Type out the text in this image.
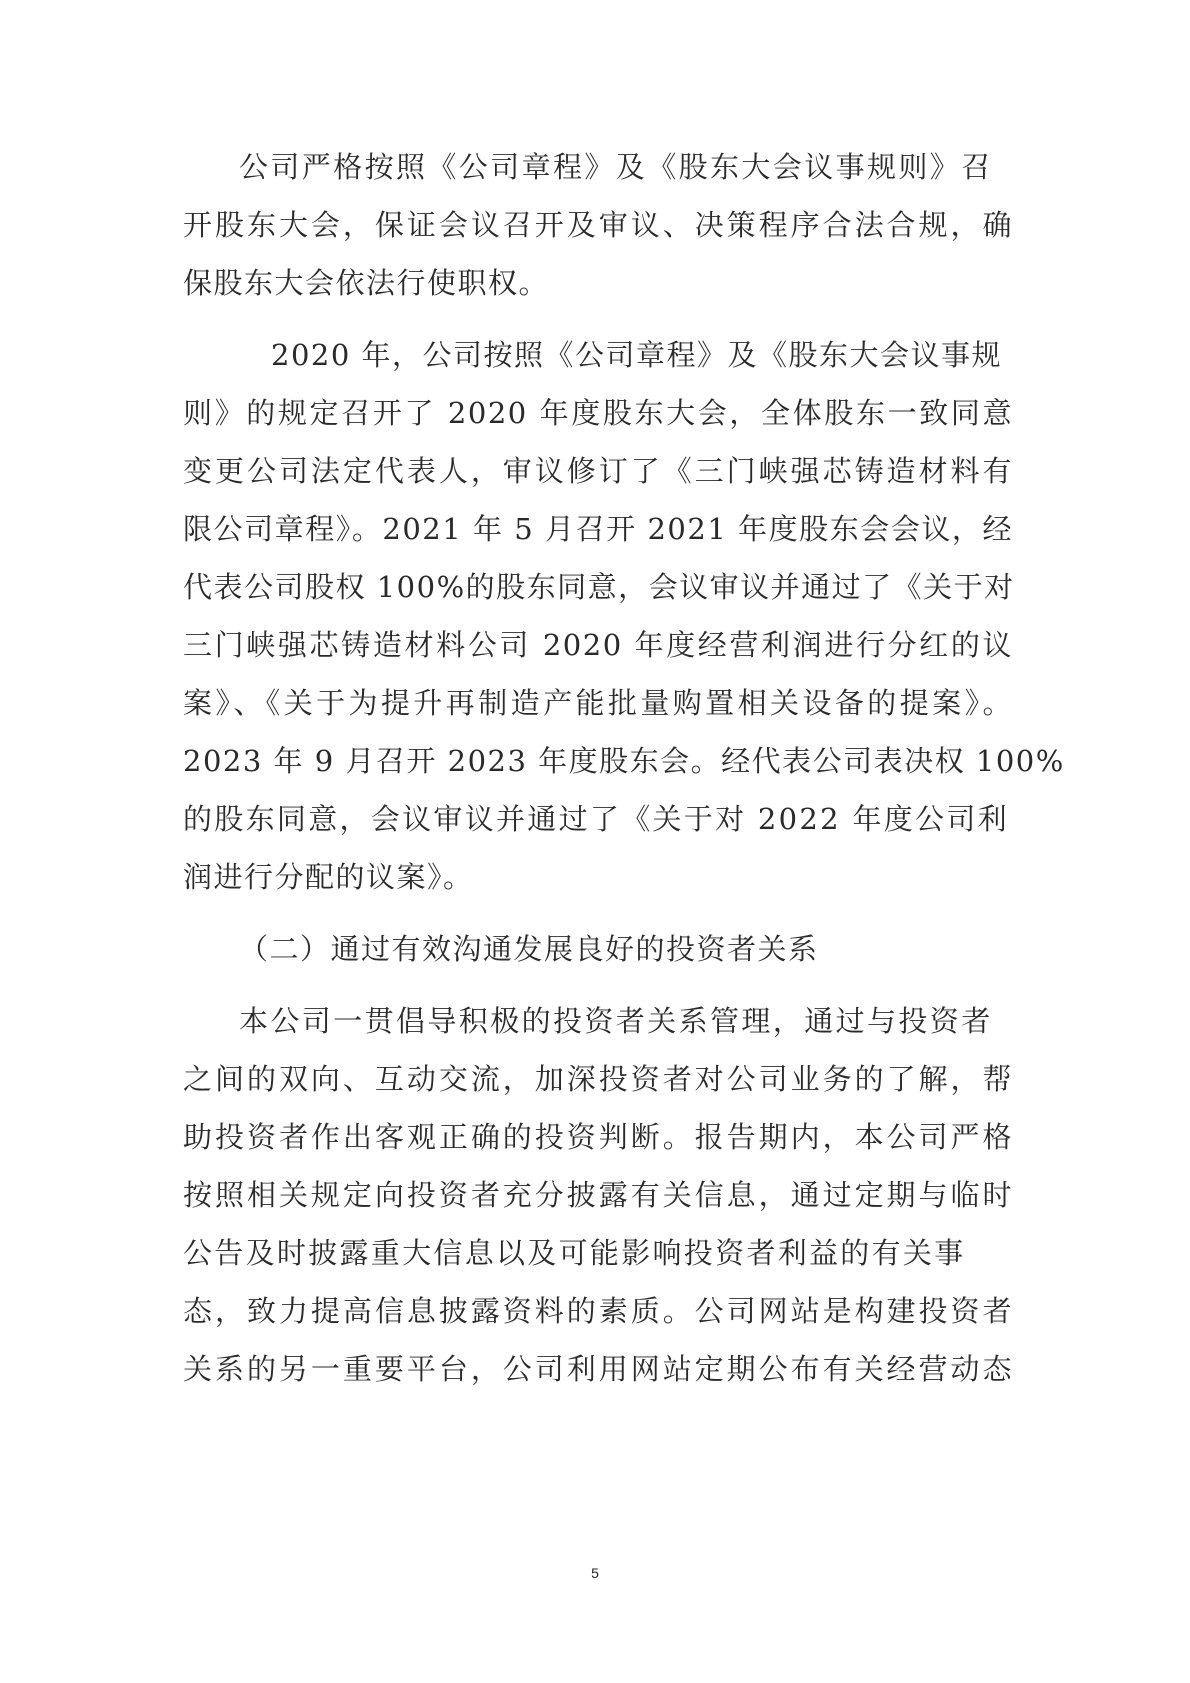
公司严格按照《公司章程》及《股东大会议事规则》召
开股东大会，保证会议召开及审议、决策程序合法合规，确
保股东大会依法行使职权。
2020 年，公司按照《公司章程》及《股东大会议事规
则》的规定召开了 2020 年度股东大会，全体股东一致同意
变更公司法定代表人，审议修订了《三门峡强芯铸造材料有
限公司章程》。2021 年 5 月召开 2021 年度股东会会议，经
代表公司股权 100%的股东同意，会议审议并通过了《关于对
三门峡强芯铸造材料公司 2020 年度经营利润进行分红的议
案》、《关于为提升再制造产能批量购置相关设备的提案》。
2023 年 9 月召开 2023 年度股东会。经代表公司表决权 100%
的股东同意，会议审议并通过了《关于对 2022 年度公司利
润进行分配的议案》。
（二）通过有效沟通发展良好的投资者关系
本公司一贯倡导积极的投资者关系管理，通过与投资者
之间的双向、互动交流，加深投资者对公司业务的了解，帮
助投资者作出客观正确的投资判断。报告期内，本公司严格
按照相关规定向投资者充分披露有关信息，通过定期与临时
公告及时披露重大信息以及可能影响投资者利益的有关事
态，致力提高信息披露资料的素质。公司网站是构建投资者
关系的另一重要平台，公司利用网站定期公布有关经营动态
5
